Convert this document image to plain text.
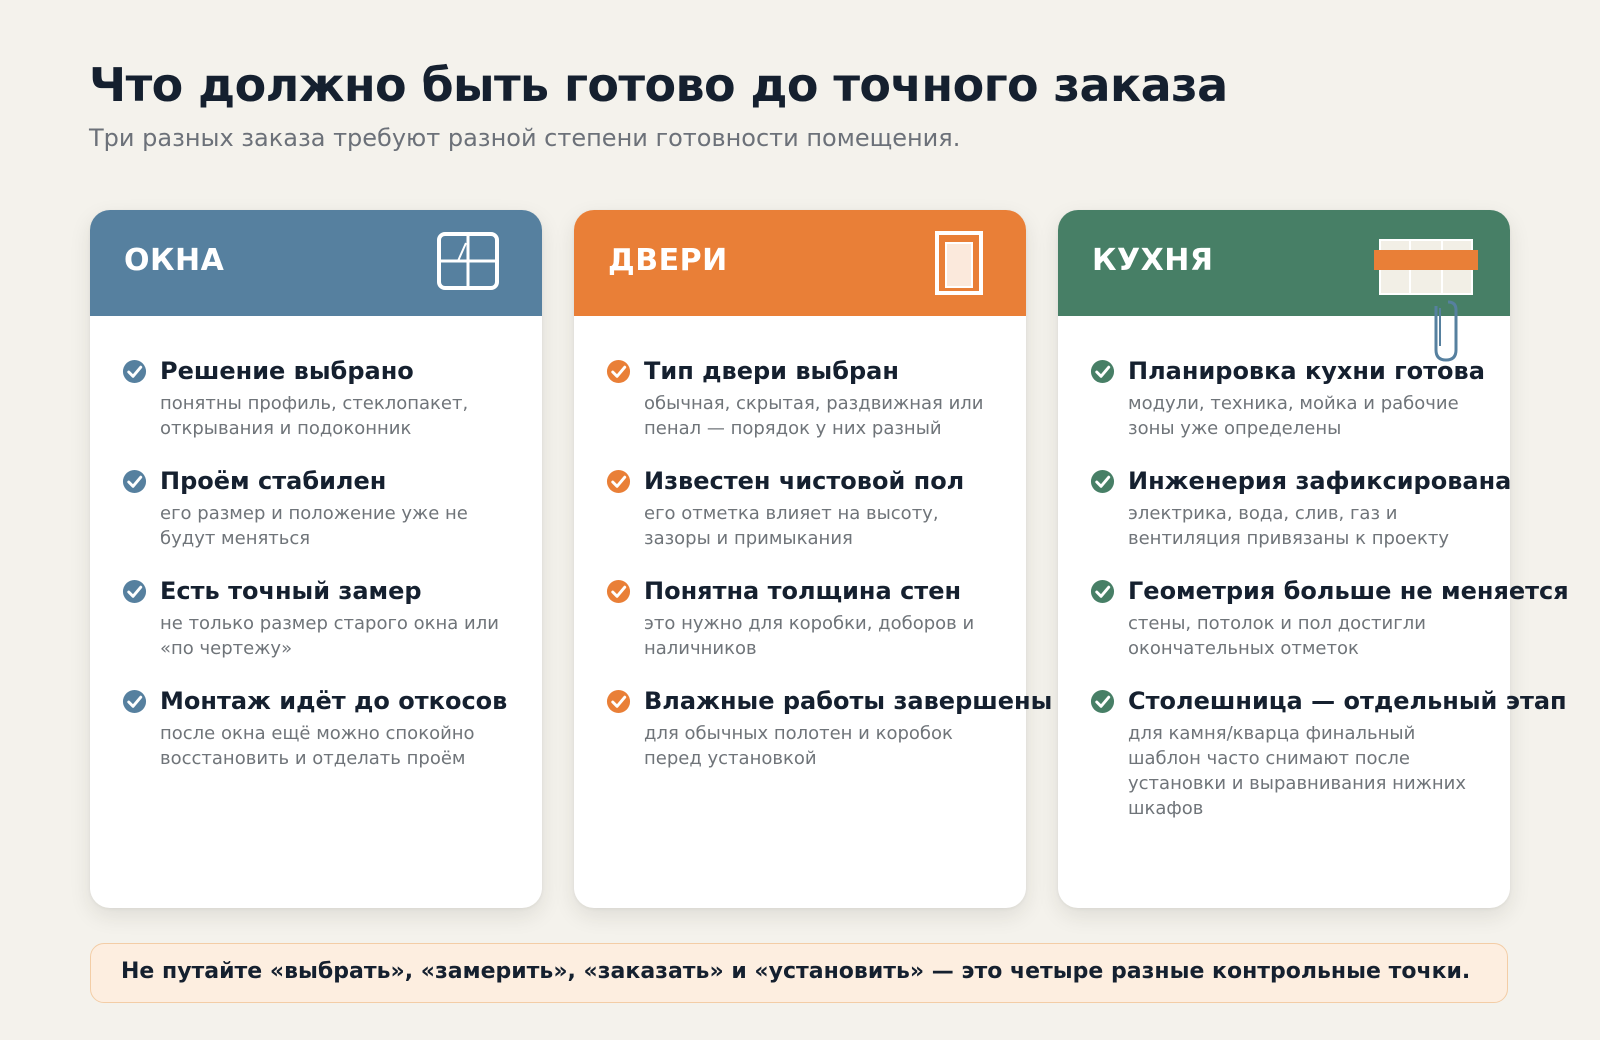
Что должно быть готово до точного заказа

Три разных заказа требуют разной степени готовности помещения.

ОКНА
Решение выбрано
понятны профиль, стеклопакет, открывания и подоконник
Проём стабилен
его размер и положение уже не будут меняться
Есть точный замер
не только размер старого окна или «по чертежу»
Монтаж идёт до откосов
после окна ещё можно спокойно восстановить и отделать проём
ДВЕРИ
Тип двери выбран
обычная, скрытая, раздвижная или пенал — порядок у них разный
Известен чистовой пол
его отметка влияет на высоту, зазоры и примыкания
Понятна толщина стен
это нужно для коробки, доборов и наличников
Влажные работы завершены
для обычных полотен и коробок перед установкой
КУХНЯ
Планировка кухни готова
модули, техника, мойка и рабочие зоны уже определены
Инженерия зафиксирована
электрика, вода, слив, газ и вентиляция привязаны к проекту
Геометрия больше не меняется
стены, потолок и пол достигли окончательных отметок
Столешница — отдельный этап
для камня/кварца финальный шаблон часто снимают после установки и выравнивания нижних шкафов
Не путайте «выбрать», «замерить», «заказать» и «установить» — это четыре разные контрольные точки.
